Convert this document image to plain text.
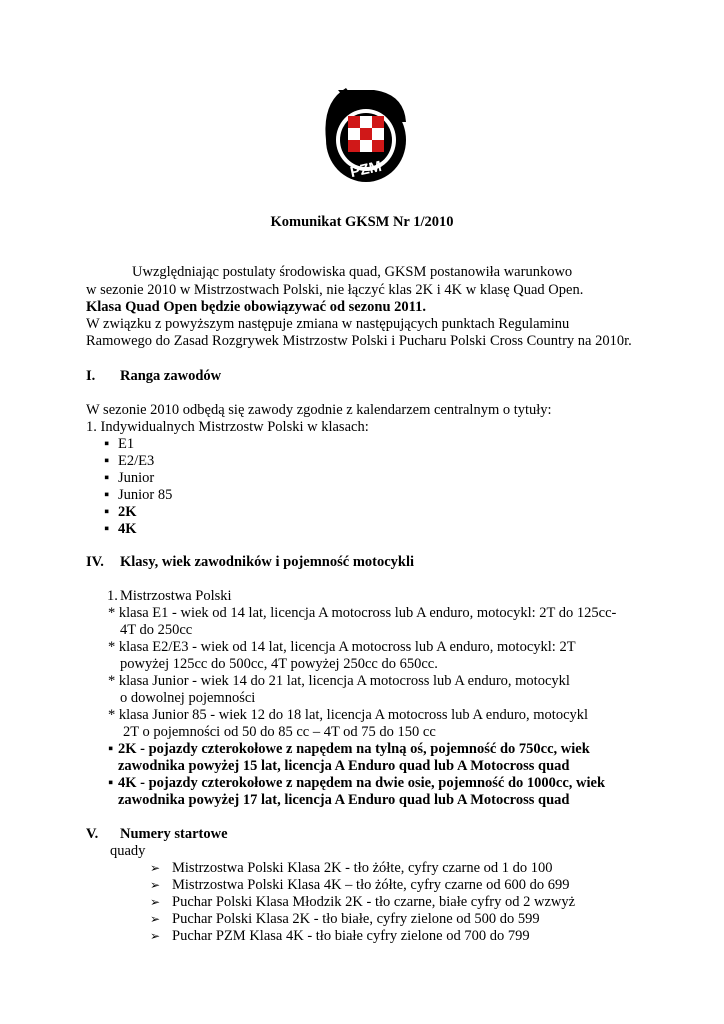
PZM
Komunikat GKSM Nr 1/2010
Uwzględniając postulaty środowiska quad, GKSM postanowiła warunkowo
w sezonie 2010 w Mistrzostwach Polski, nie łączyć klas 2K i 4K w klasę Quad Open.
Klasa Quad Open będzie obowiązywać od sezonu 2011.
W związku z powyższym następuje zmiana w następujących punktach Regulaminu
Ramowego do Zasad Rozgrywek Mistrzostw Polski i Pucharu Polski Cross Country na 2010r.
I. Ranga zawodów
W sezonie 2010 odbędą się zawody zgodnie z kalendarzem centralnym o tytuły:
1. Indywidualnych Mistrzostw Polski w klasach:
▪ E1
▪ E2/E3
▪ Junior
▪ Junior 85
▪ 2K
▪ 4K
IV. Klasy, wiek zawodników i pojemność motocykli
1. Mistrzostwa Polski
* klasa E1 - wiek od 14 lat, licencja A motocross lub A enduro, motocykl: 2T do 125cc-
4T do 250cc
* klasa E2/E3 - wiek od 14 lat, licencja A motocross lub A enduro, motocykl: 2T
powyżej 125cc do 500cc, 4T powyżej 250cc do 650cc.
* klasa Junior - wiek 14 do 21 lat, licencja A motocross lub A enduro, motocykl
o dowolnej pojemności
* klasa Junior 85 - wiek 12 do 18 lat, licencja A motocross lub A enduro, motocykl
2T o pojemności od 50 do 85 cc – 4T od 75 do 150 cc
▪ 2K - pojazdy czterokołowe z napędem na tylną oś, pojemność do 750cc, wiek
zawodnika powyżej 15 lat, licencja A Enduro quad lub A Motocross quad
▪ 4K - pojazdy czterokołowe z napędem na dwie osie, pojemność do 1000cc, wiek
zawodnika powyżej 17 lat, licencja A Enduro quad lub A Motocross quad
V. Numery startowe
quady
➢ Mistrzostwa Polski Klasa 2K - tło żółte, cyfry czarne od 1 do 100
➢ Mistrzostwa Polski Klasa 4K – tło żółte, cyfry czarne od 600 do 699
➢ Puchar Polski Klasa Młodzik 2K - tło czarne, białe cyfry od 2 wzwyż
➢ Puchar Polski Klasa 2K - tło białe, cyfry zielone od 500 do 599
➢ Puchar PZM Klasa 4K - tło białe cyfry zielone od 700 do 799
